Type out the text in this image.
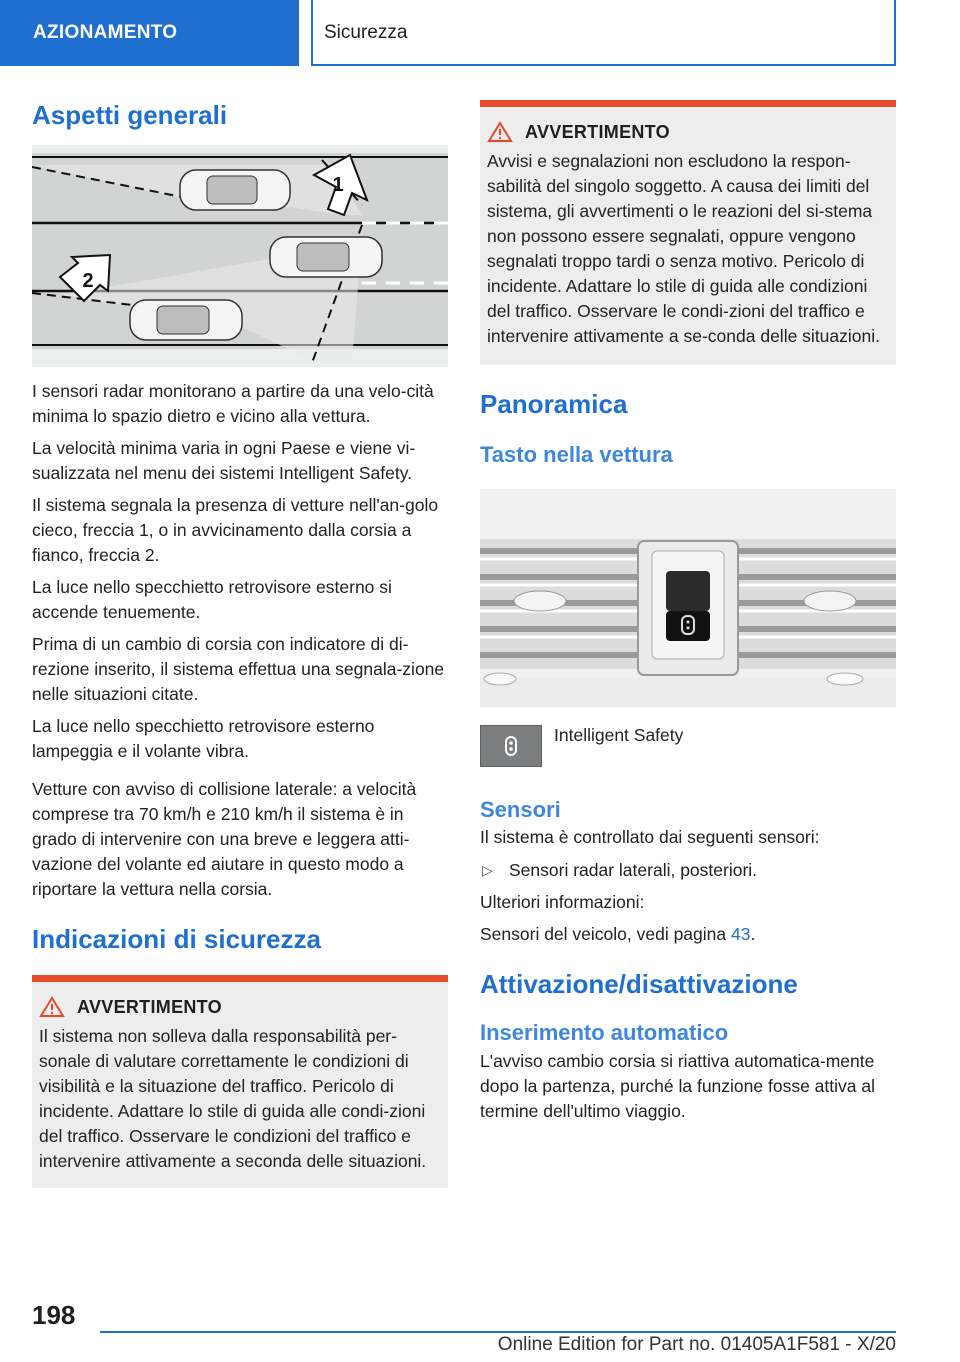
AZIONAMENTO	Sicurezza
Aspetti generali
1
2

I sensori radar monitorano a partire da una velo-cità minima lo spazio dietro e vicino alla vettura.

La velocità minima varia in ogni Paese e viene vi-sualizzata nel menu dei sistemi Intelligent Safety.

Il sistema segnala la presenza di vetture nell'an-golo cieco, freccia 1, o in avvicinamento dalla corsia a fianco, freccia 2.

La luce nello specchietto retrovisore esterno si accende tenuemente.

Prima di un cambio di corsia con indicatore di di-rezione inserito, il sistema effettua una segnala-zione nelle situazioni citate.

La luce nello specchietto retrovisore esterno lampeggia e il volante vibra.

Vetture con avviso di collisione laterale: a velocità comprese tra 70 km/h e 210 km/h il sistema è in grado di intervenire con una breve e leggera atti-vazione del volante ed aiutare in questo modo a riportare la vettura nella corsia.

Indicazioni di sicurezza
AVVERTIMENTO

Il sistema non solleva dalla responsabilità per-sonale di valutare correttamente le condizioni di visibilità e la situazione del traffico. Pericolo di incidente. Adattare lo stile di guida alle condi-zioni del traffico. Osservare le condizioni del traffico e intervenire attivamente a seconda delle situazioni.

AVVERTIMENTO

Avvisi e segnalazioni non escludono la respon-sabilità del singolo soggetto. A causa dei limiti del sistema, gli avvertimenti o le reazioni del si-stema non possono essere segnalati, oppure vengono segnalati troppo tardi o senza motivo. Pericolo di incidente. Adattare lo stile di guida alle condizioni del traffico. Osservare le condi-zioni del traffico e intervenire attivamente a se-conda delle situazioni.

Panoramica
Tasto nella vettura

Intelligent Safety

Sensori

Il sistema è controllato dai seguenti sensori:

▷ Sensori radar laterali, posteriori.

Ulteriori informazioni:

Sensori del veicolo, vedi pagina 43.

Attivazione/disattivazione
Inserimento automatico

L'avviso cambio corsia si riattiva automatica-mente dopo la partenza, purché la funzione fosse attiva al termine dell'ultimo viaggio.

198
Online Edition for Part no. 01405A1F581 - X/20
